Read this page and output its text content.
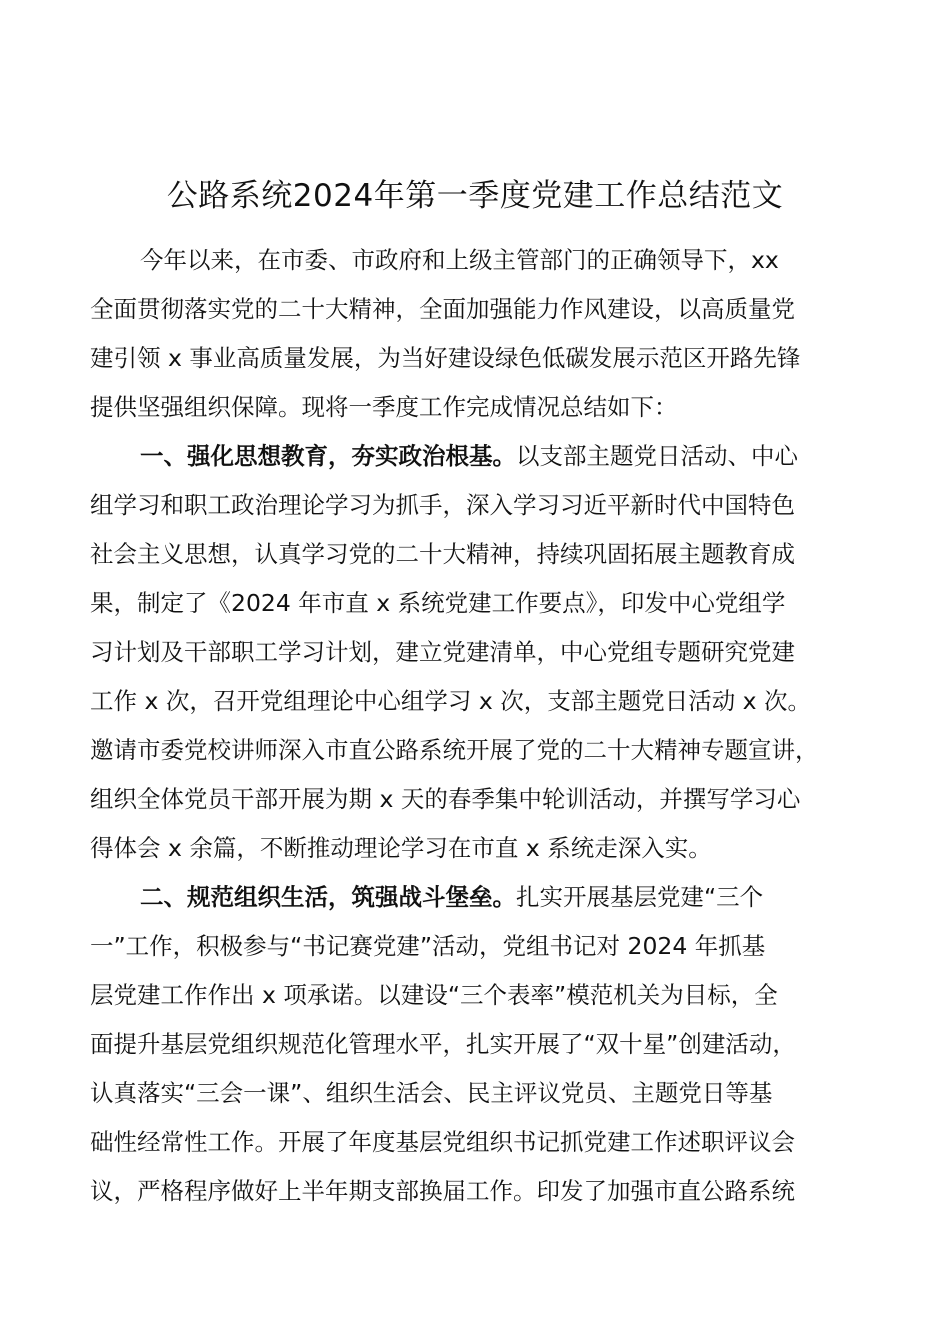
公路系统2024年第一季度党建工作总结范文
今年以来，在市委、市政府和上级主管部门的正确领导下，xx
全面贯彻落实党的二十大精神，全面加强能力作风建设，以高质量党
建引领 x 事业高质量发展，为当好建设绿色低碳发展示范区开路先锋
提供坚强组织保障。现将一季度工作完成情况总结如下：
一、强化思想教育，夯实政治根基。以支部主题党日活动、中心
组学习和职工政治理论学习为抓手，深入学习习近平新时代中国特色
社会主义思想，认真学习党的二十大精神，持续巩固拓展主题教育成
果，制定了《2024 年市直 x 系统党建工作要点》，印发中心党组学
习计划及干部职工学习计划，建立党建清单，中心党组专题研究党建
工作 x 次，召开党组理论中心组学习 x 次，支部主题党日活动 x 次。
邀请市委党校讲师深入市直公路系统开展了党的二十大精神专题宣讲，
组织全体党员干部开展为期 x 天的春季集中轮训活动，并撰写学习心
得体会 x 余篇，不断推动理论学习在市直 x 系统走深入实。
二、规范组织生活，筑强战斗堡垒。扎实开展基层党建“三个
一”工作，积极参与“书记赛党建”活动，党组书记对 2024 年抓基
层党建工作作出 x 项承诺。以建设“三个表率”模范机关为目标，全
面提升基层党组织规范化管理水平，扎实开展了“双十星”创建活动，
认真落实“三会一课”、组织生活会、民主评议党员、主题党日等基
础性经常性工作。开展了年度基层党组织书记抓党建工作述职评议会
议，严格程序做好上半年期支部换届工作。印发了加强市直公路系统
